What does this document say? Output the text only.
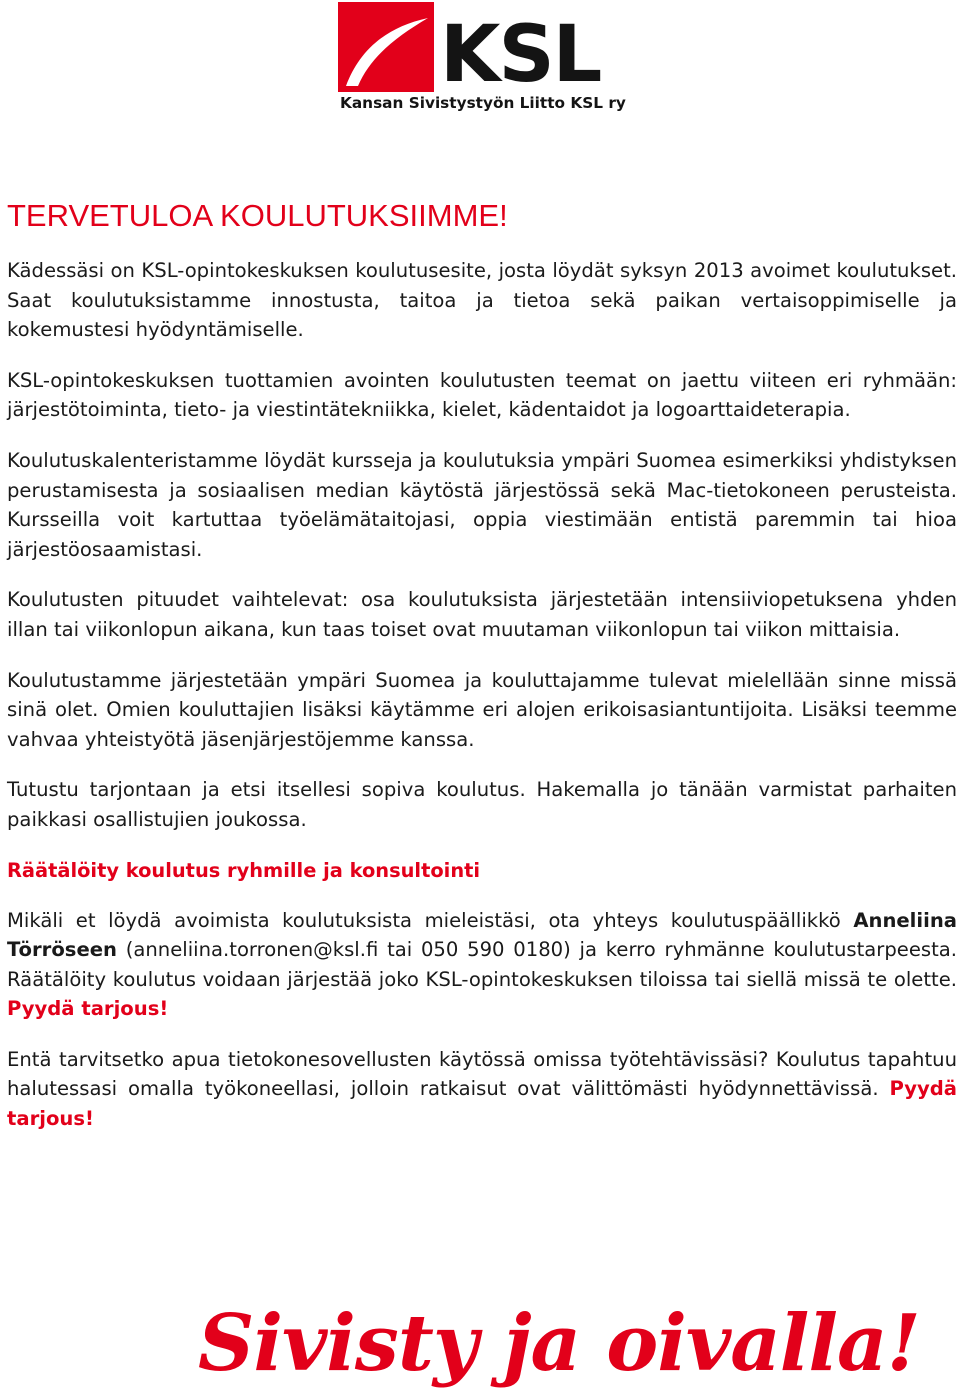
KSL
Kansan Sivistystyön Liitto KSL ry
TERVETULOA KOULUTUKSIIMME!

Kädessäsi on KSL-opintokeskuksen koulutusesite, josta löydät syksyn 2013 avoimet koulutukset. Saat koulutuksistamme innostusta, taitoa ja tietoa sekä paikan vertaisoppimiselle ja kokemustesi hyödyntämiselle.

KSL-opintokeskuksen tuottamien avointen koulutusten teemat on jaettu viiteen eri ryhmään: järjestötoiminta, tieto- ja viestintätekniikka, kielet, kädentaidot ja logoarttaideterapia.

Koulutuskalenteristamme löydät kursseja ja koulutuksia ympäri Suomea esimerkiksi yhdistyksen perustamisesta ja sosiaalisen median käytöstä järjestössä sekä Mac-tietokoneen perusteista. Kursseilla voit kartuttaa työelämätaitojasi, oppia viestimään entistä paremmin tai hioa järjestöosaamistasi.

Koulutusten pituudet vaihtelevat: osa koulutuksista järjestetään intensiiviopetuksena yhden illan tai viikonlopun aikana, kun taas toiset ovat muutaman viikonlopun tai viikon mittaisia.

Koulutustamme järjestetään ympäri Suomea ja kouluttajamme tulevat mielellään sinne missä sinä olet. Omien kouluttajien lisäksi käytämme eri alojen erikoisasiantuntijoita. Lisäksi teemme vahvaa yhteistyötä jäsenjärjestöjemme kanssa.

Tutustu tarjontaan ja etsi itsellesi sopiva koulutus. Hakemalla jo tänään varmistat parhaiten paikkasi osallistujien joukossa.

Räätälöity koulutus ryhmille ja konsultointi

Mikäli et löydä avoimista koulutuksista mieleistäsi, ota yhteys koulutuspäällikkö Anneliina Törröseen (anneliina.torronen@ksl.fi tai 050 590 0180) ja kerro ryhmänne koulutustarpeesta. Räätälöity koulutus voidaan järjestää joko KSL-opintokeskuksen tiloissa tai siellä missä te olette. Pyydä tarjous!

Entä tarvitsetko apua tietokonesovellusten käytössä omissa työtehtävissäsi? Koulutus tapahtuu halutessasi omalla työkoneellasi, jolloin ratkaisut ovat välittömästi hyödynnettävissä. Pyydä tarjous!

Sivisty ja oivalla!
